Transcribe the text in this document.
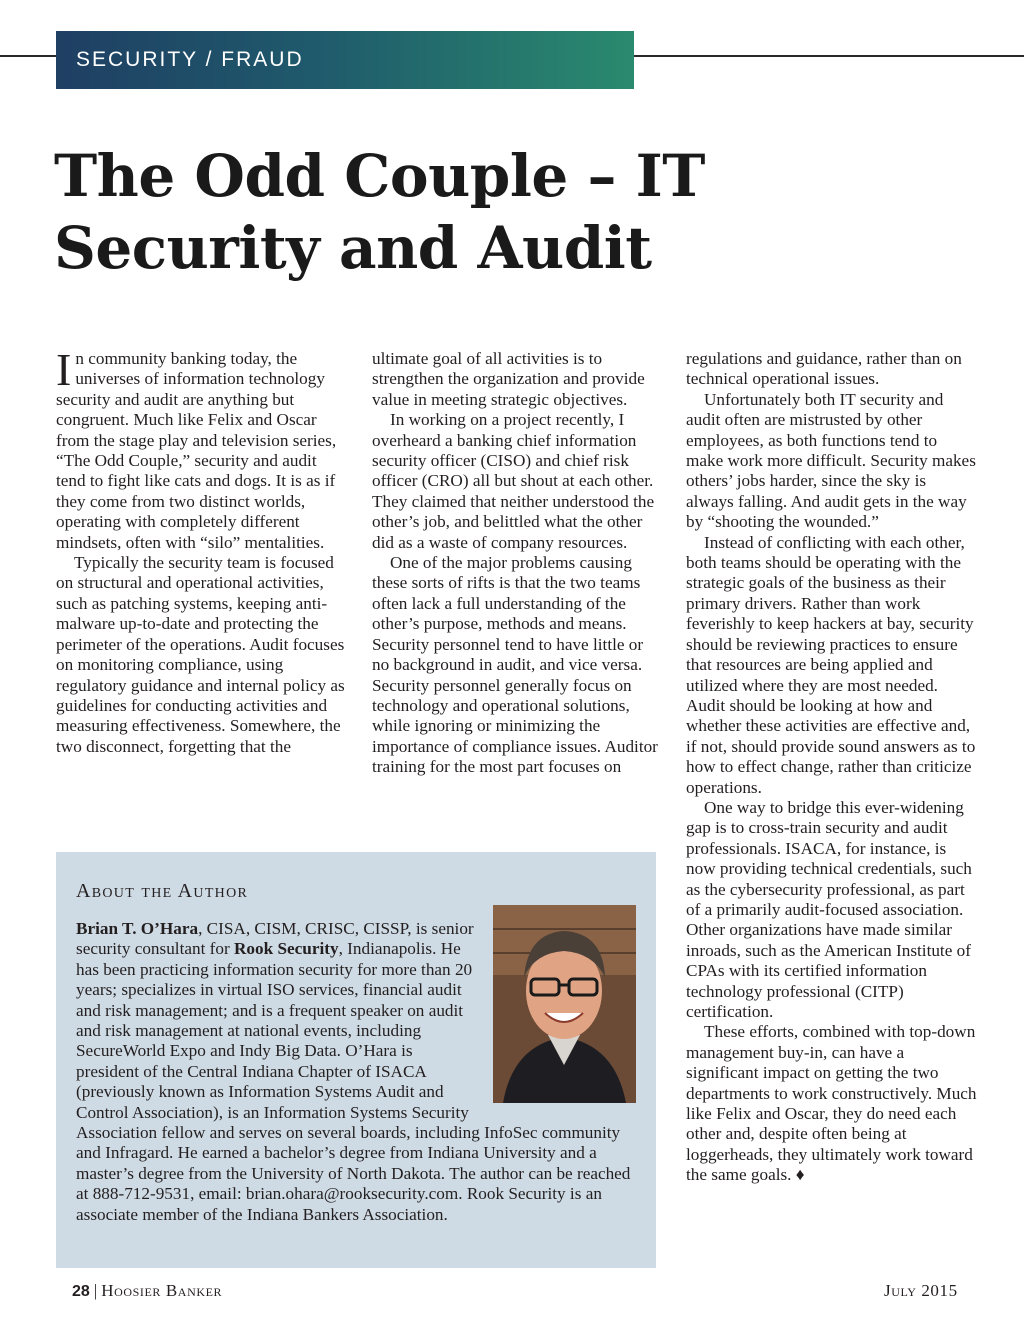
SECURITY / FRAUD
The Odd Couple – IT Security and Audit

In community banking today, the universes of information technology security and audit are anything but congruent. Much like Felix and Oscar from the stage play and television series, “The Odd Couple,” security and audit tend to fight like cats and dogs. It is as if they come from two distinct worlds, operating with completely different mindsets, often with “silo” mentalities.

Typically the security team is focused on structural and operational activities, such as patching systems, keeping anti-malware up-to-date and protecting the perimeter of the operations. Audit focuses on monitoring compliance, using regulatory guidance and internal policy as guidelines for conducting activities and measuring effectiveness. Somewhere, the two disconnect, forgetting that the

ultimate goal of all activities is to strengthen the organization and provide value in meeting strategic objectives.

In working on a project recently, I overheard a banking chief information security officer (CISO) and chief risk officer (CRO) all but shout at each other. They claimed that neither understood the other’s job, and belittled what the other did as a waste of company resources.

One of the major problems causing these sorts of rifts is that the two teams often lack a full understanding of the other’s purpose, methods and means. Security personnel tend to have little or no background in audit, and vice versa. Security personnel generally focus on technology and operational solutions, while ignoring or minimizing the importance of compliance issues. Auditor training for the most part focuses on

regulations and guidance, rather than on technical operational issues.

Unfortunately both IT security and audit often are mistrusted by other employees, as both functions tend to make work more difficult. Security makes others’ jobs harder, since the sky is always falling. And audit gets in the way by “shooting the wounded.”

Instead of conflicting with each other, both teams should be operating with the strategic goals of the business as their primary drivers. Rather than work feverishly to keep hackers at bay, security should be reviewing practices to ensure that resources are being applied and utilized where they are most needed. Audit should be looking at how and whether these activities are effective and, if not, should provide sound answers as to how to effect change, rather than criticize operations.

One way to bridge this ever-widening gap is to cross-train security and audit professionals. ISACA, for instance, is now providing technical credentials, such as the cybersecurity professional, as part of a primarily audit-focused association. Other organizations have made similar inroads, such as the American Institute of CPAs with its certified information technology professional (CITP) certification.

These efforts, combined with top-down management buy-in, can have a significant impact on getting the two departments to work constructively. Much like Felix and Oscar, they do need each other and, despite often being at loggerheads, they ultimately work toward the same goals. ♦

About the Author

Brian T. O’Hara, CISA, CISM, CRISC, CISSP, is senior security consultant for Rook Security, Indianapolis. He has been practicing information security for more than 20 years; specializes in virtual ISO services, financial audit and risk management; and is a frequent speaker on audit and risk management at national events, including SecureWorld Expo and Indy Big Data. O’Hara is president of the Central Indiana Chapter of ISACA (previously known as Information Systems Audit and Control Association), is an Information Systems Security Association fellow and serves on several boards, including InfoSec community and Infragard. He earned a bachelor’s degree from Indiana University and a master’s degree from the University of North Dakota. The author can be reached at 888-712-9531, email: brian.ohara@rooksecurity.com. Rook Security is an associate member of the Indiana Bankers Association.

28 | Hoosier Banker	July 2015
